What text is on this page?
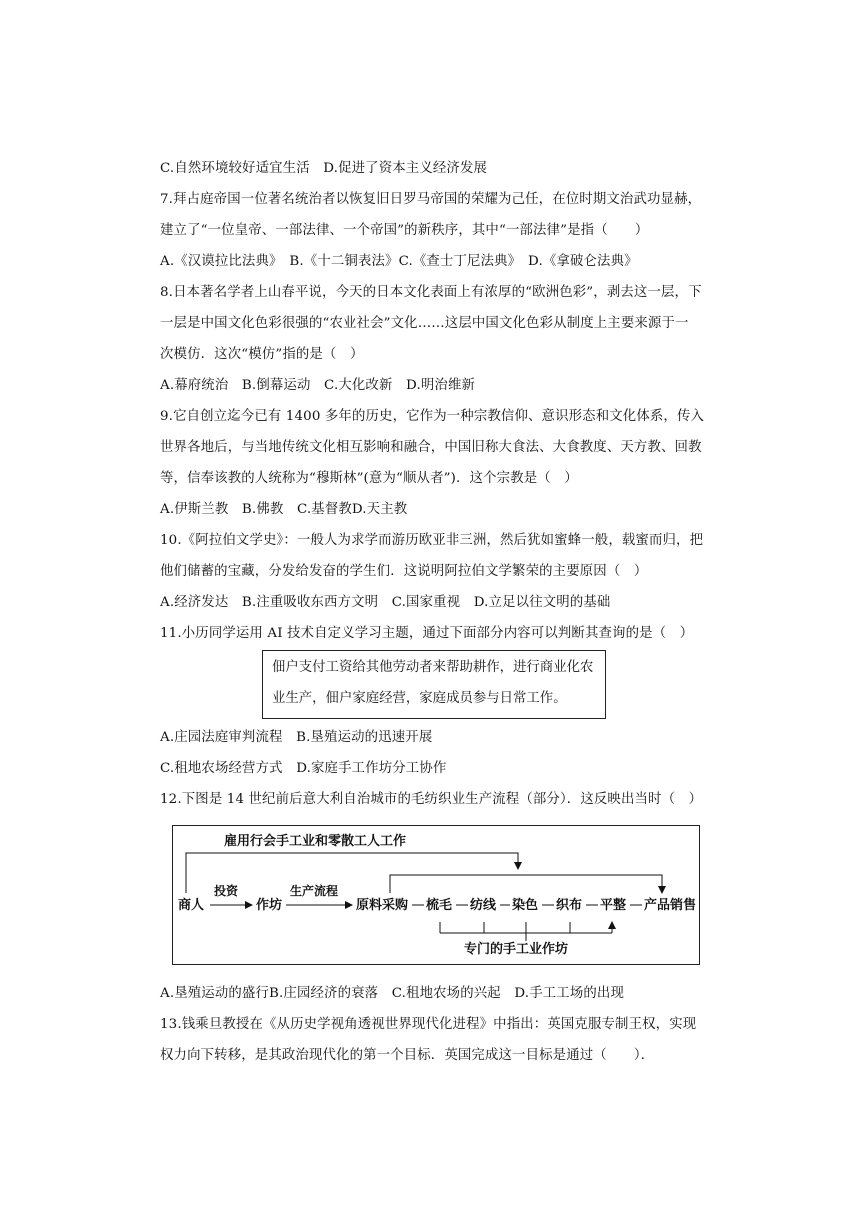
C.自然环境较好适宜生活　D.促进了资本主义经济发展
7.拜占庭帝国一位著名统治者以恢复旧日罗马帝国的荣耀为己任，在位时期文治武功显赫，
建立了“一位皇帝、一部法律、一个帝国”的新秩序，其中“一部法律”是指（　　）
A.《汉谟拉比法典》　B.《十二铜表法》C.《查士丁尼法典》　D.《拿破仑法典》
8.日本著名学者上山春平说，今天的日本文化表面上有浓厚的“欧洲色彩”，剥去这一层，下
一层是中国文化色彩很强的“农业社会”文化……这层中国文化色彩从制度上主要来源于一
次模仿．这次“模仿”指的是（　）
A.幕府统治　B.倒幕运动　C.大化改新　D.明治维新
9.它自创立迄今已有 1400 多年的历史，它作为一种宗教信仰、意识形态和文化体系，传入
世界各地后，与当地传统文化相互影响和融合，中国旧称大食法、大食教度、天方教、回教
等，信奉该教的人统称为“穆斯林”(意为“顺从者”)．这个宗教是（　）
A.伊斯兰教　B.佛教　C.基督教D.天主教
10.《阿拉伯文学史》：一般人为求学而游历欧亚非三洲，然后犹如蜜蜂一般，载蜜而归，把
他们储蓄的宝藏，分发给发奋的学生们．这说明阿拉伯文学繁荣的主要原因（　）
A.经济发达　B.注重吸收东西方文明　C.国家重视　D.立足以往文明的基础
11.小历同学运用 AI 技术自定义学习主题，通过下面部分内容可以判断其查询的是（　）
佃户支付工资给其他劳动者来帮助耕作，进行商业化农
业生产，佃户家庭经营，家庭成员参与日常工作。
A.庄园法庭审判流程　B.垦殖运动的迅速开展
C.租地农场经营方式　D.家庭手工作坊分工协作
12.下图是 14 世纪前后意大利自治城市的毛纺织业生产流程（部分）．这反映出当时（　）
雇用行会手工业和零散工人工作
商人
投资
作坊
生产流程
原料采购 梳毛 纺线 染色 织布 平整 产品销售
专门的手工业作坊
A.垦殖运动的盛行B.庄园经济的衰落　C.租地农场的兴起　D.手工工场的出现
13.钱乘旦教授在《从历史学视角透视世界现代化进程》中指出：英国克服专制王权，实现
权力向下转移，是其政治现代化的第一个目标．英国完成这一目标是通过（　　）．
